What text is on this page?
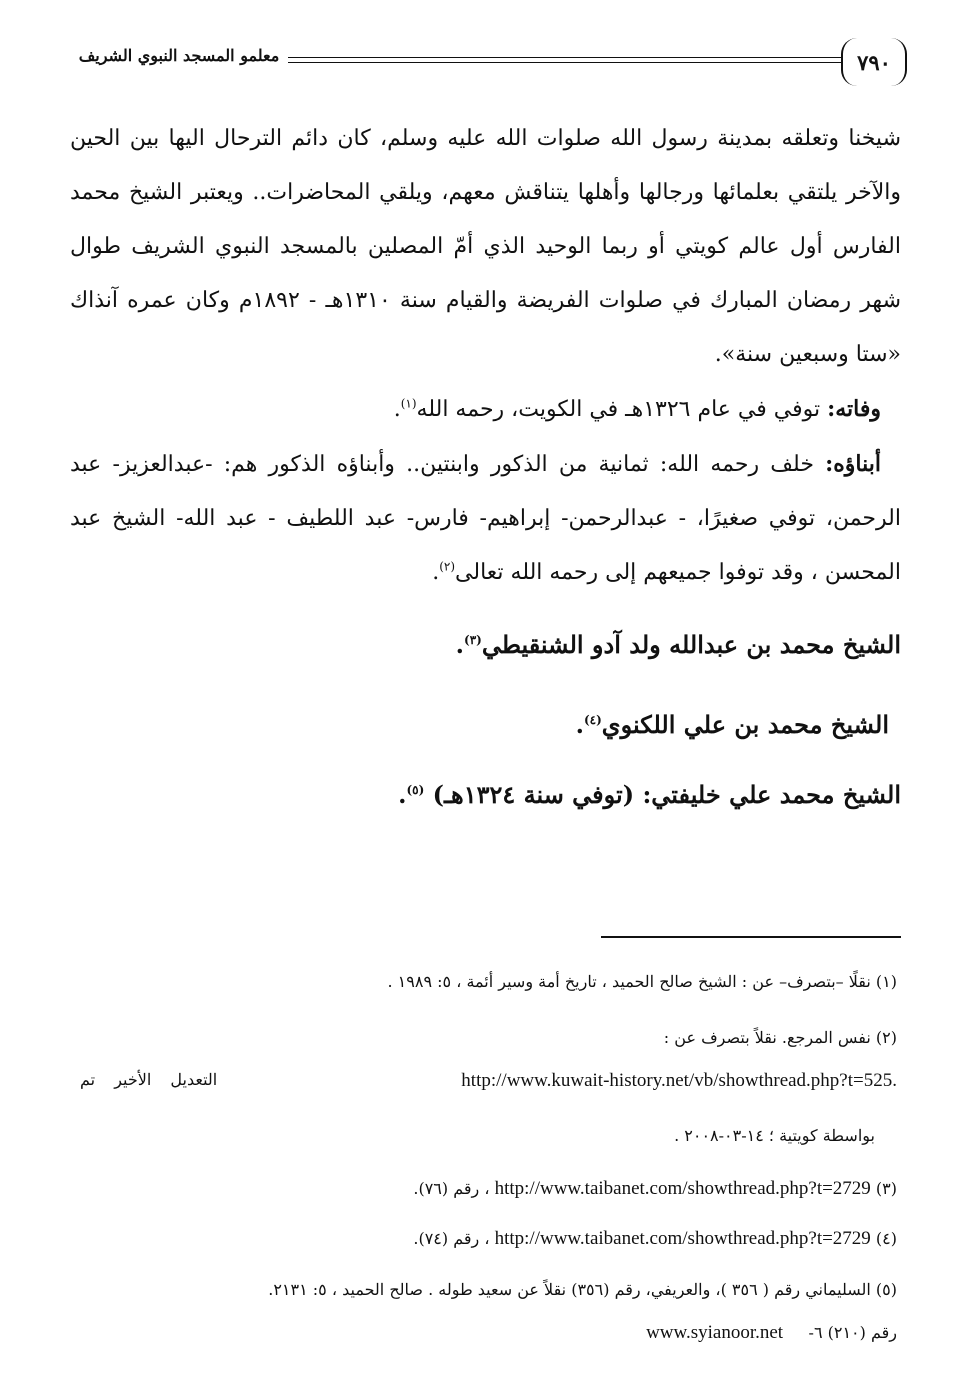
٧٩٠
معلمو المسجد النبوي الشريف

شيخنا وتعلقه بمدينة رسول الله صلوات الله عليه وسلم، كان دائم الترحال اليها بين الحين والآخر يلتقي بعلمائها ورجالها وأهلها يتناقش معهم، ويلقي المحاضرات.. ويعتبر الشيخ محمد الفارس أول عالم كويتي أو ربما الوحيد الذي أمّ المصلين بالمسجد النبوي الشريف طوال شهر رمضان المبارك في صلوات الفريضة والقيام سنة ١٣١٠هـ - ١٨٩٢م وكان عمره آنذاك «ستا وسبعين سنة».

وفاته: توفي في عام ١٣٢٦هـ في الكويت، رحمه الله$^{(١)}$.

أبناؤه: خلف رحمه الله: ثمانية من الذكور وابنتين.. وأبناؤه الذكور هم: -عبدالعزيز- عبد الرحمن، توفي صغيرًا، - عبدالرحمن- إبراهيم- فارس- عبد اللطيف - عبد الله- الشيخ عبد المحسن ، وقد توفوا جميعهم إلى رحمه الله تعالى$^{(٢)}$.

الشيخ محمد بن عبدالله ولد آدو الشنقيطي$^{(٣)}$.

الشيخ محمد بن علي اللكنوي$^{(٤)}$.

الشيخ محمد علي خليفتي: (توفي سنة ١٣٢٤هـ) $^{(٥)}$.

(١) نقلًا –بتصرف– عن : الشيخ صالح الحميد ، تاريخ أمة وسير أئمة ، ٥: ١٩٨٩ .
(٢) نفس المرجع. نقلاً بتصرف عن :
http://www.kuwait-history.net/vb/showthread.php?t=525.
التعديل الأخير تم
بواسطة كويتية ؛ ١٤-٠٣-٢٠٠٨ .
(٣) http://www.taibanet.com/showthread.php?t=2729 ، رقم (٧٦).
(٤) http://www.taibanet.com/showthread.php?t=2729 ، رقم (٧٤).
(٥) السليماني رقم ( ٣٥٦ )، والعريفي، رقم (٣٥٦) نقلاً عن سعيد طوله . صالح الحميد ، ٥: ٢١٣١.
رقم (٢١٠) ٦-     www.syianoor.net
